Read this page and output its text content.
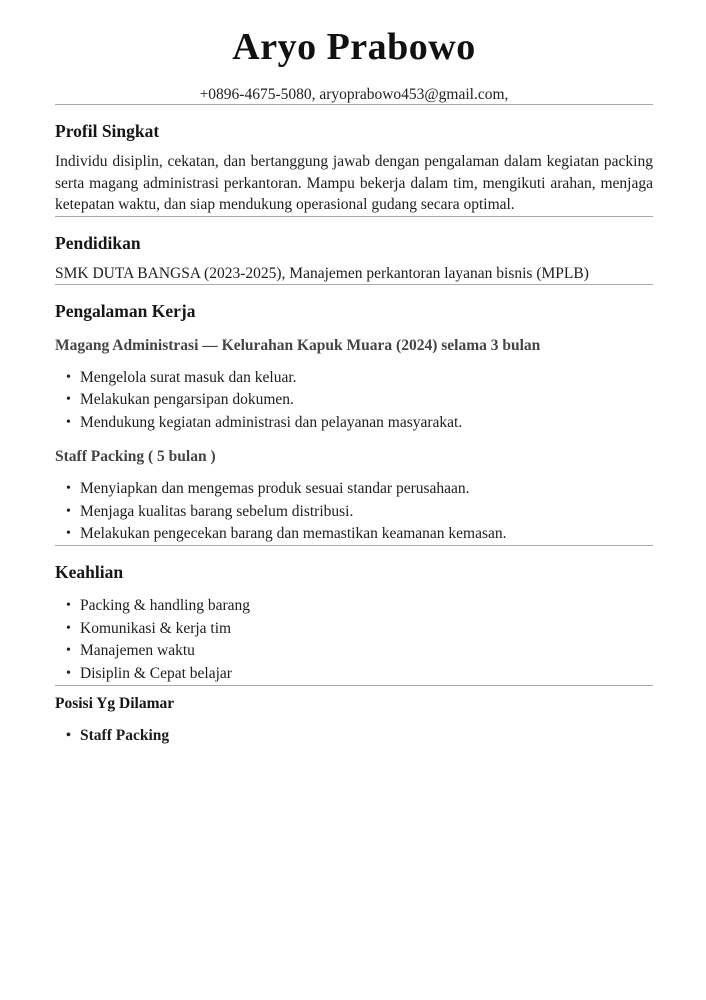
Aryo Prabowo

+0896-4675-5080, aryoprabowo453@gmail.com,

Profil Singkat

Individu disiplin, cekatan, dan bertanggung jawab dengan pengalaman dalam kegiatan packing serta magang administrasi perkantoran. Mampu bekerja dalam tim, mengikuti arahan, menjaga ketepatan waktu, dan siap mendukung operasional gudang secara optimal.

Pendidikan

SMK DUTA BANGSA (2023-2025), Manajemen perkantoran layanan bisnis (MPLB)

Pengalaman Kerja
Magang Administrasi — Kelurahan Kapuk Muara (2024) selama 3 bulan
• Mengelola surat masuk dan keluar.
• Melakukan pengarsipan dokumen.
• Mendukung kegiatan administrasi dan pelayanan masyarakat.
Staff Packing ( 5 bulan )
• Menyiapkan dan mengemas produk sesuai standar perusahaan.
• Menjaga kualitas barang sebelum distribusi.
• Melakukan pengecekan barang dan memastikan keamanan kemasan.
Keahlian
• Packing & handling barang
• Komunikasi & kerja tim
• Manajemen waktu
• Disiplin & Cepat belajar
Posisi Yg Dilamar
• Staff Packing
